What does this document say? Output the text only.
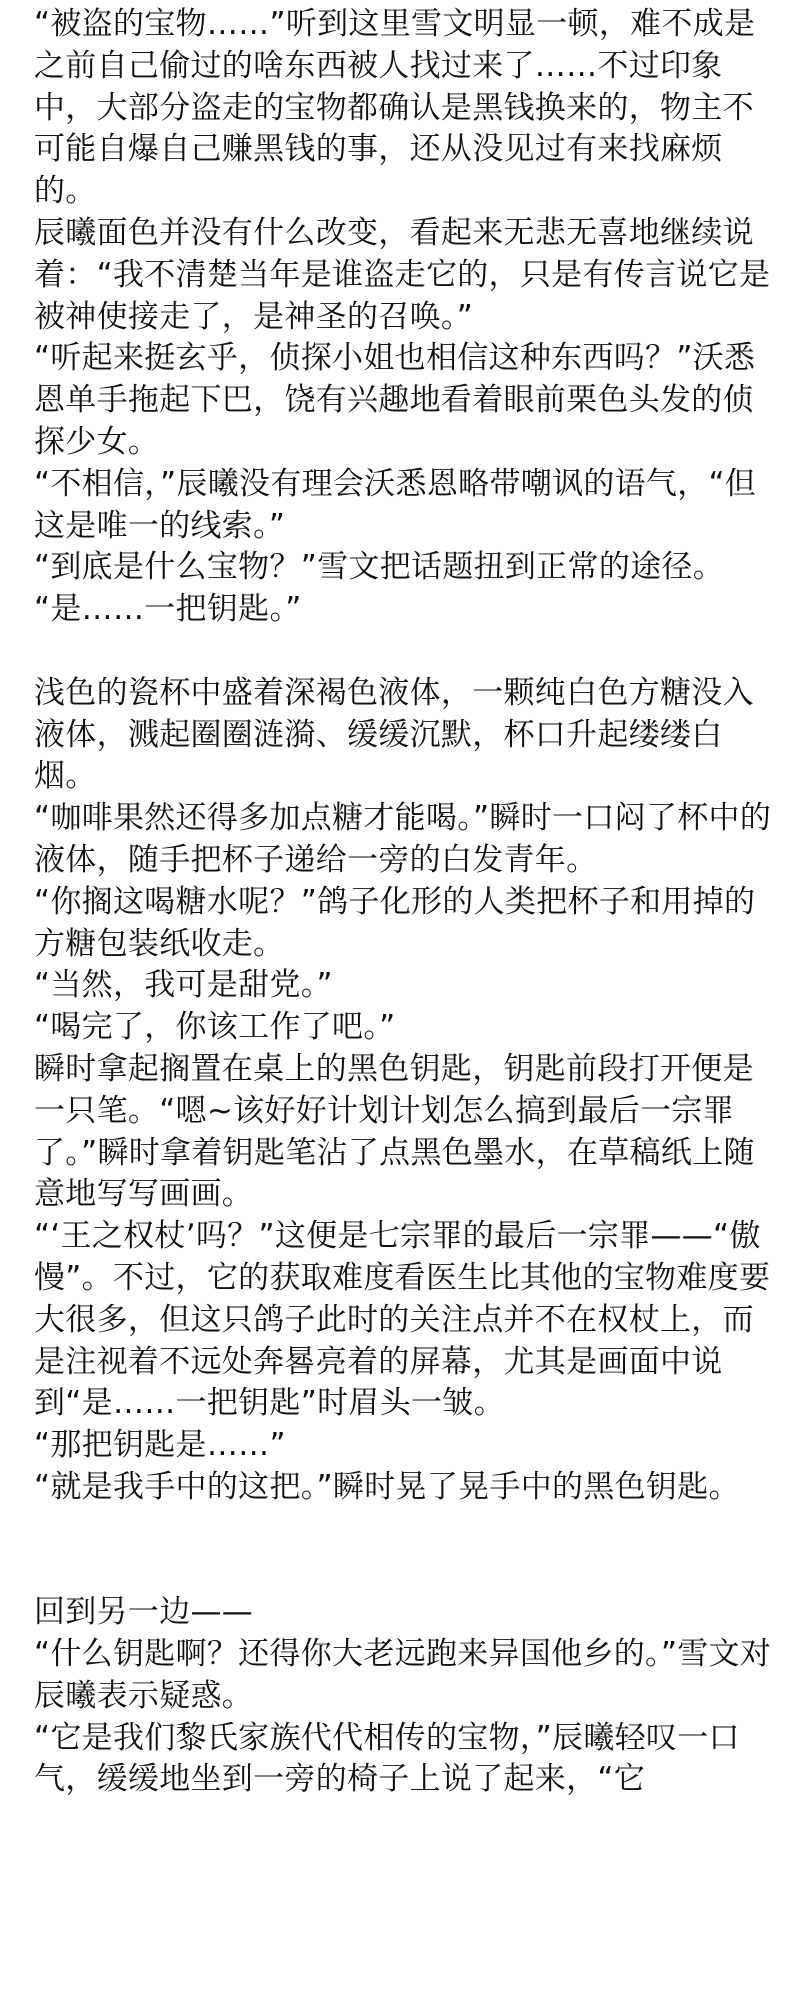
“被盗的宝物……”听到这里雪文明显一顿，难不成是之前自己偷过的啥东西被人找过来了……不过印象中，大部分盗走的宝物都确认是黑钱换来的，物主不可能自爆自己赚黑钱的事，还从没见过有来找麻烦的。

辰曦面色并没有什么改变，看起来无悲无喜地继续说着：“我不清楚当年是谁盗走它的，只是有传言说它是被神使接走了，是神圣的召唤。”

“听起来挺玄乎，侦探小姐也相信这种东西吗？”沃悉恩单手拖起下巴，饶有兴趣地看着眼前栗色头发的侦探少女。

“不相信，”辰曦没有理会沃悉恩略带嘲讽的语气，“但这是唯一的线索。”

“到底是什么宝物？”雪文把话题扭到正常的途径。

“是……一把钥匙。”

浅色的瓷杯中盛着深褐色液体，一颗纯白色方糖没入液体，溅起圈圈涟漪、缓缓沉默，杯口升起缕缕白烟。

“咖啡果然还得多加点糖才能喝。”瞬时一口闷了杯中的液体，随手把杯子递给一旁的白发青年。

“你搁这喝糖水呢？”鸽子化形的人类把杯子和用掉的方糖包装纸收走。

“当然，我可是甜党。”

“喝完了，你该工作了吧。”

瞬时拿起搁置在桌上的黑色钥匙，钥匙前段打开便是一只笔。“嗯~该好好计划计划怎么搞到最后一宗罪了。”瞬时拿着钥匙笔沾了点黑色墨水，在草稿纸上随意地写写画画。

“‘王之权杖’吗？”这便是七宗罪的最后一宗罪——“傲慢”。不过，它的获取难度看医生比其他的宝物难度要大很多，但这只鸽子此时的关注点并不在权杖上，而是注视着不远处奔晷亮着的屏幕，尤其是画面中说到“是……一把钥匙”时眉头一皱。

“那把钥匙是……”

“就是我手中的这把。”瞬时晃了晃手中的黑色钥匙。

回到另一边——

“什么钥匙啊？还得你大老远跑来异国他乡的。”雪文对辰曦表示疑惑。

“它是我们黎氏家族代代相传的宝物，”辰曦轻叹一口气，缓缓地坐到一旁的椅子上说了起来，“它
